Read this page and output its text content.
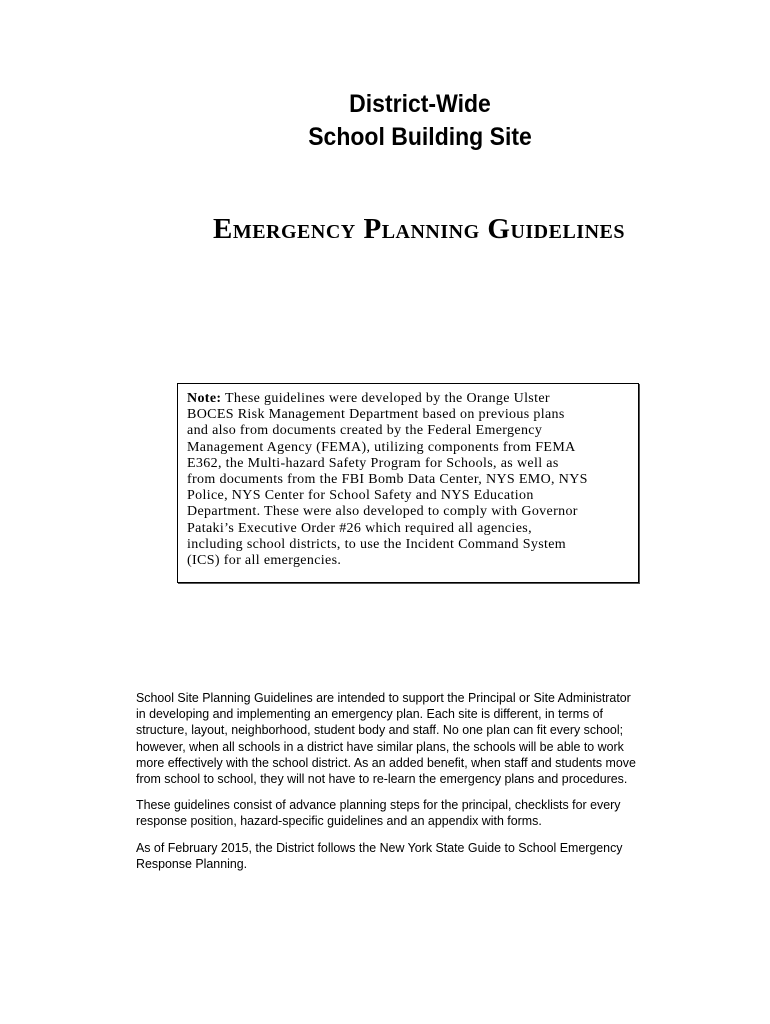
District-Wide
School Building Site
Emergency Planning Guidelines
Note: These guidelines were developed by the Orange Ulster
BOCES Risk Management Department based on previous plans
and also from documents created by the Federal Emergency
Management Agency (FEMA), utilizing components from FEMA
E362, the Multi-hazard Safety Program for Schools, as well as
from documents from the FBI Bomb Data Center, NYS EMO, NYS
Police, NYS Center for School Safety and NYS Education
Department. These were also developed to comply with Governor
Pataki’s Executive Order #26 which required all agencies,
including school districts, to use the Incident Command System
(ICS) for all emergencies.
School Site Planning Guidelines are intended to support the Principal or Site Administrator
in developing and implementing an emergency plan. Each site is different, in terms of
structure, layout, neighborhood, student body and staff. No one plan can fit every school;
however, when all schools in a district have similar plans, the schools will be able to work
more effectively with the school district. As an added benefit, when staff and students move
from school to school, they will not have to re-learn the emergency plans and procedures.
These guidelines consist of advance planning steps for the principal, checklists for every
response position, hazard-specific guidelines and an appendix with forms.
As of February 2015, the District follows the New York State Guide to School Emergency
Response Planning.
